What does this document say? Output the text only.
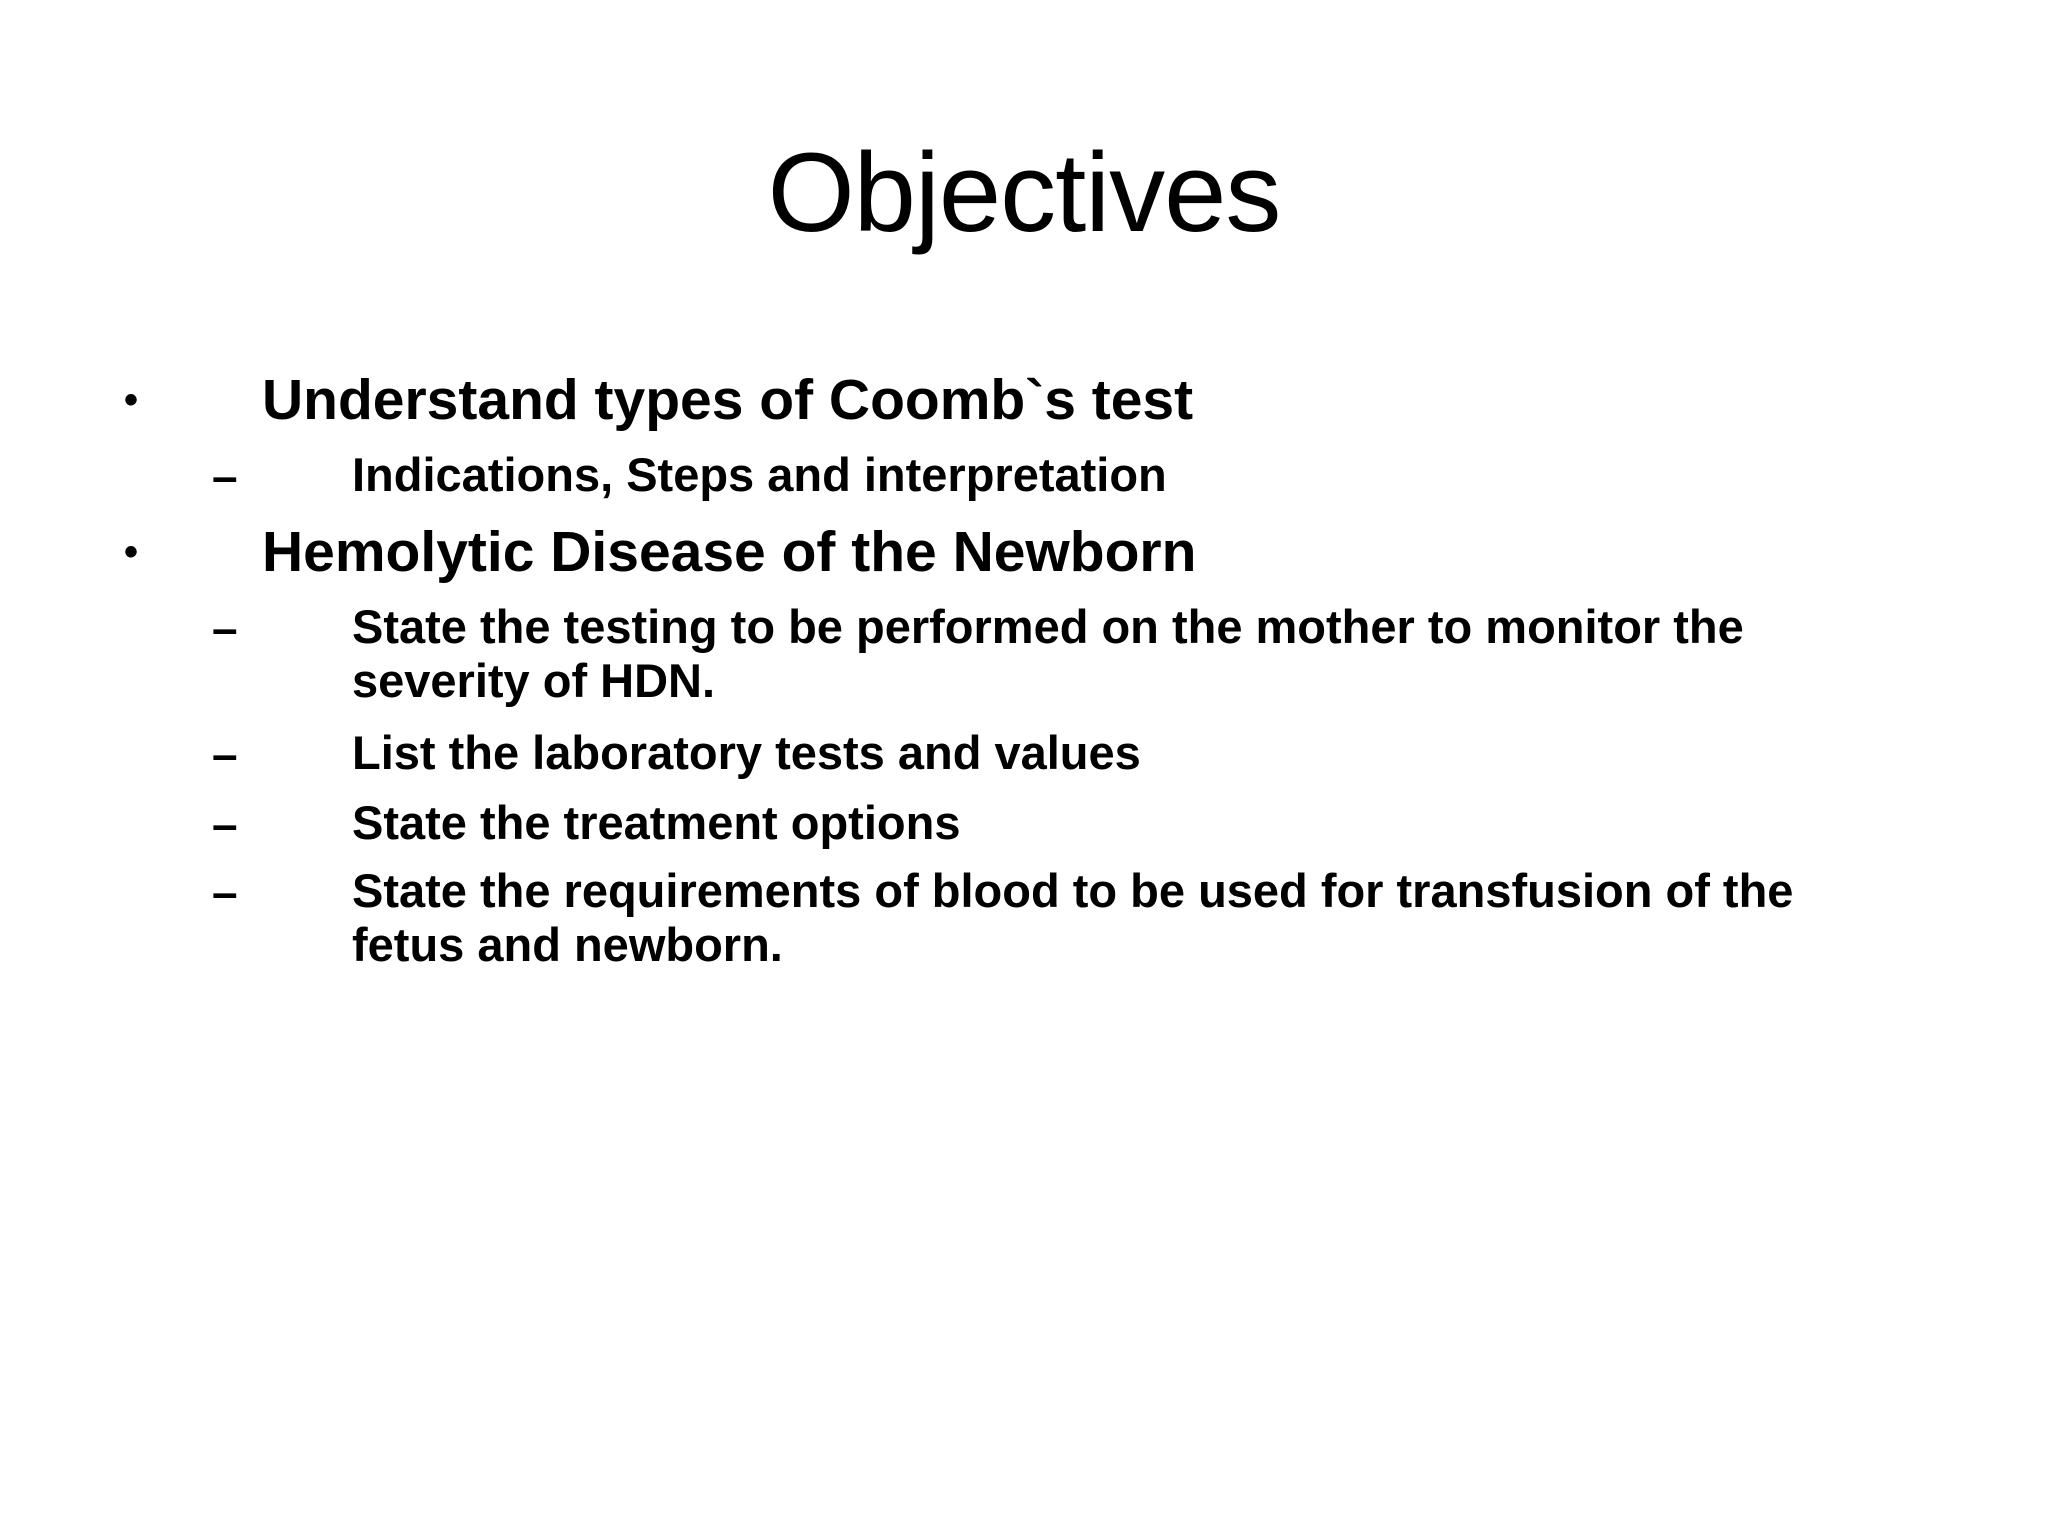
Objectives
• Understand types of Coomb`s test
– Indications, Steps and interpretation
• Hemolytic Disease of the Newborn
– State the testing to be performed on the mother to monitor the severity of HDN.
– List the laboratory tests and values
– State the treatment options
– State the requirements of blood to be used for transfusion of the fetus and newborn.
